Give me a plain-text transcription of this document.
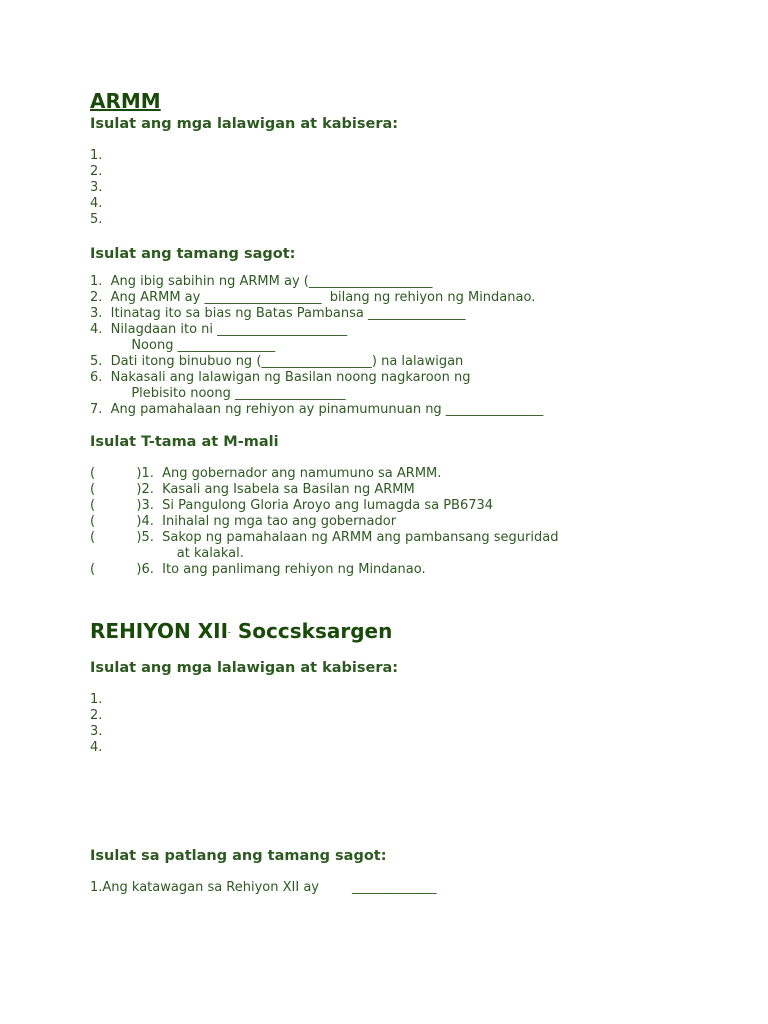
ARMM

Isulat ang mga lalawigan at kabisera:

1.

2.

3.

4.

5.

Isulat ang tamang sagot:

1.  Ang ibig sabihin ng ARMM ay (___________________

2.  Ang ARMM ay __________________  bilang ng rehiyon ng Mindanao.

3.  Itinatag ito sa bias ng Batas Pambansa _______________

4.  Nilagdaan ito ni ____________________

Noong _______________

5.  Dati itong binubuo ng (_________________) na lalawigan

6.  Nakasali ang lalawigan ng Basilan noong nagkaroon ng

Plebisito noong _________________

7.  Ang pamahalaan ng rehiyon ay pinamumunuan ng _______________

Isulat T-tama at M-mali

(          )1.  Ang gobernador ang namumuno sa ARMM.

(          )2.  Kasali ang Isabela sa Basilan ng ARMM

(          )3.  Si Pangulong Gloria Aroyo ang lumagda sa PB6734

(          )4.  Inihalal ng mga tao ang gobernador

(          )5.  Sakop ng pamahalaan ng ARMM ang pambansang seguridad

at kalakal.

(          )6.  Ito ang panlimang rehiyon ng Mindanao.

REHIYON XII- Soccsksargen

Isulat ang mga lalawigan at kabisera:

1.

2.

3.

4.

Isulat sa patlang ang tamang sagot:

1.Ang katawagan sa Rehiyon XII ay        _____________
